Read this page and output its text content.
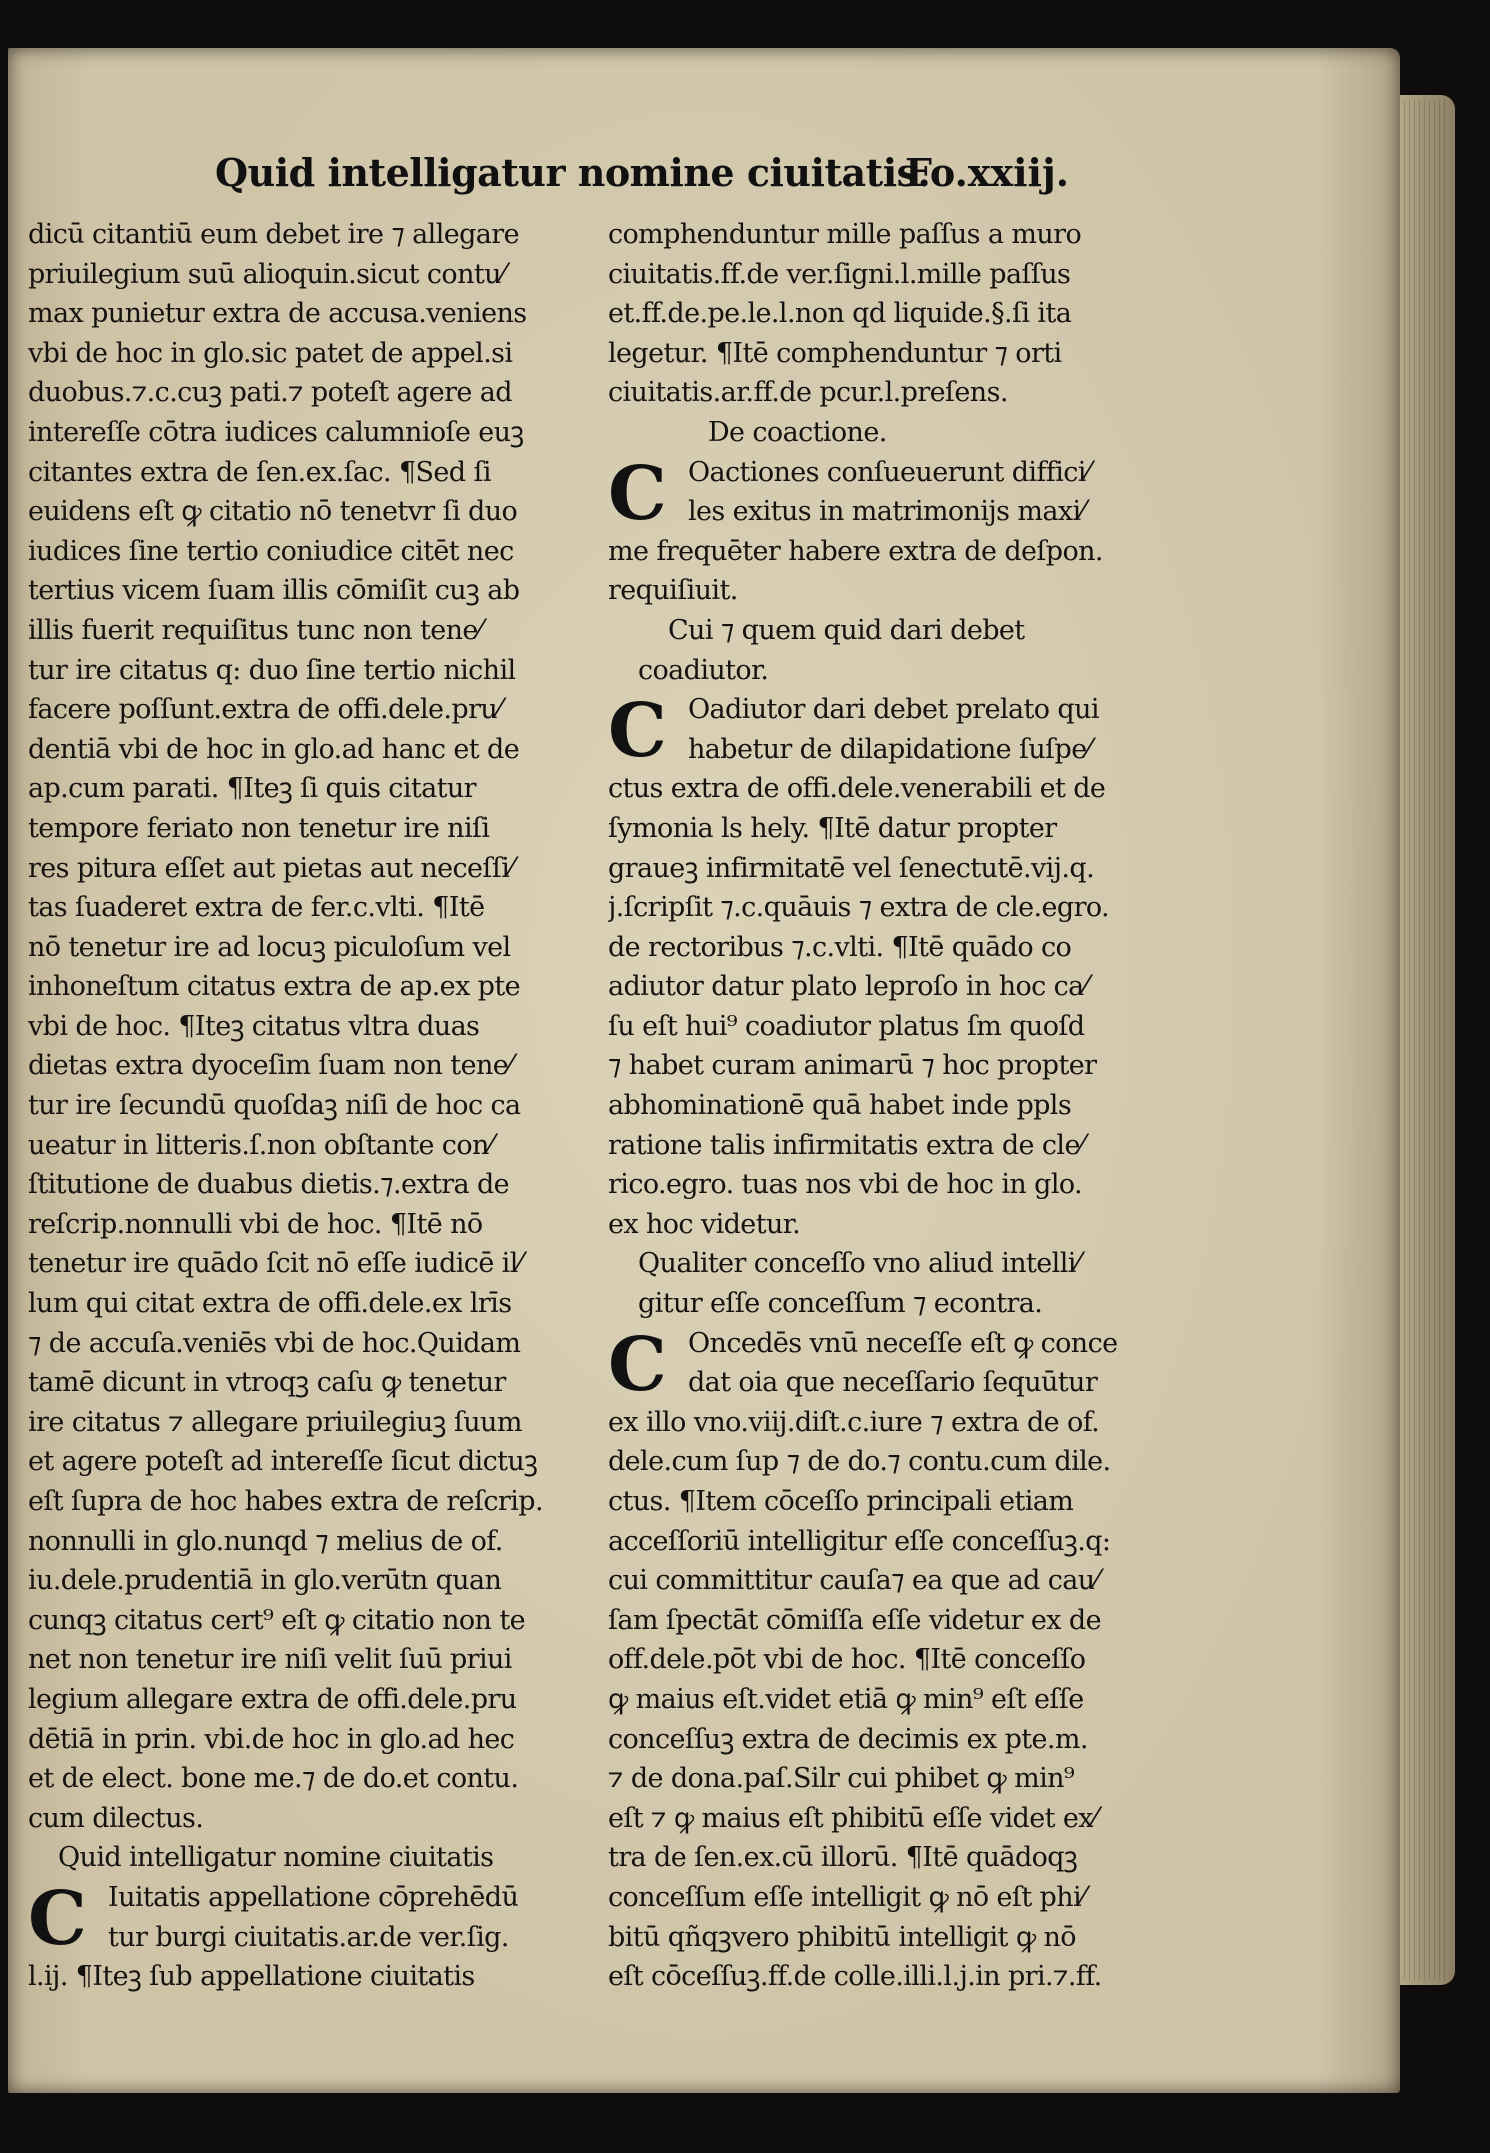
Quid intelligatur nomine ciuitatis.
Fo.xxiij.
dicū citantiū eum debet ire ⁊ allegare
priuilegium suū alioquin.sicut contu⁄
max punietur extra de accusa.veniens
vbi de hoc in glo.sic patet de appel.si
duobus.⁊.c.cuꝫ pati.⁊ poteſt agere ad
intereſſe cōtra iudices calumnioſe euꝫ
citantes extra de ſen.ex.ſac. ¶Sed ſi
euidens eſt ꝙ citatio nō tenetvr ſi duo
iudices ſine tertio coniudice citēt nec
tertius vicem ſuam illis cōmiſit cuꝫ ab
illis fuerit requiſitus tunc non tene⁄
tur ire citatus q: duo ſine tertio nichil
facere poſſunt.extra de offi.dele.pru⁄
dentiā vbi de hoc in glo.ad hanc et de
ap.cum parati. ¶Iteꝫ ſi quis citatur
tempore feriato non tenetur ire niſi
res pitura eſſet aut pietas aut neceſſi⁄
tas ſuaderet extra de fer.c.vlti. ¶Itē
nō tenetur ire ad locuꝫ piculoſum vel
inhoneſtum citatus extra de ap.ex pte
vbi de hoc. ¶Iteꝫ citatus vltra duas
dietas extra dyoceſim ſuam non tene⁄
tur ire ſecundū quoſdaꝫ niſi de hoc ca
ueatur in litteris.ſ.non obſtante con⁄
ſtitutione de duabus dietis.⁊.extra de
reſcrip.nonnulli vbi de hoc. ¶Itē nō
tenetur ire quādo ſcit nō eſſe iudicē il⁄
lum qui citat extra de offi.dele.ex lrīs
⁊ de accuſa.veniēs vbi de hoc.Quidam
tamē dicunt in vtroqꝫ caſu ꝙ tenetur
ire citatus ⁊ allegare priuilegiuꝫ ſuum
et agere poteſt ad intereſſe ſicut dictuꝫ
eſt ſupra de hoc habes extra de reſcrip.
nonnulli in glo.nunqd ⁊ melius de of.
iu.dele.prudentiā in glo.verūtn quan
cunqꝫ citatus cert⁹ eſt ꝙ citatio non te
net non tenetur ire niſi velit ſuū priui
legium allegare extra de offi.dele.pru
dētiā in prin. vbi.de hoc in glo.ad hec
et de elect. bone me.⁊ de do.et contu.
cum dilectus.
Quid intelligatur nomine ciuitatis
C Iuitatis appellatione cōprehēdū
tur burgi ciuitatis.ar.de ver.ſig.
l.ij. ¶Iteꝫ ſub appellatione ciuitatis
comphenduntur mille paſſus a muro
ciuitatis.ff.de ver.ſigni.l.mille paſſus
et.ff.de.pe.le.l.non qd liquide.§.ſi ita
legetur. ¶Itē comphenduntur ⁊ orti
ciuitatis.ar.ff.de pcur.l.preſens.
De coactione.
C Oactiones conſueuerunt diffici⁄
les exitus in matrimonijs maxi⁄
me frequēter habere extra de deſpon.
requiſiuit.
Cui ⁊ quem quid dari debet
coadiutor.
C Oadiutor dari debet prelato qui
habetur de dilapidatione ſuſpe⁄
ctus extra de offi.dele.venerabili et de
ſymonia ls hely. ¶Itē datur propter
graueꝫ infirmitatē vel ſenectutē.vij.q.
j.ſcripſit ⁊.c.quāuis ⁊ extra de cle.egro.
de rectoribus ⁊.c.vlti. ¶Itē quādo co
adiutor datur plato leproſo in hoc ca⁄
ſu eſt hui⁹ coadiutor platus ſm quoſd
⁊ habet curam animarū ⁊ hoc propter
abhominationē quā habet inde ppls
ratione talis infirmitatis extra de cle⁄
rico.egro. tuas nos vbi de hoc in glo.
ex hoc videtur.
Qualiter conceſſo vno aliud intelli⁄
gitur eſſe conceſſum ⁊ econtra.
C Oncedēs vnū neceſſe eſt ꝙ conce
dat oia que neceſſario ſequūtur
ex illo vno.viij.diſt.c.iure ⁊ extra de of.
dele.cum ſup ⁊ de do.⁊ contu.cum dile.
ctus. ¶Item cōceſſo principali etiam
acceſſoriū intelligitur eſſe conceſſuꝫ.q:
cui committitur cauſa⁊ ea que ad cau⁄
ſam ſpectāt cōmiſſa eſſe videtur ex de
off.dele.pōt vbi de hoc. ¶Itē conceſſo
ꝙ maius eſt.videt etiā ꝙ min⁹ eſt eſſe
conceſſuꝫ extra de decimis ex pte.m.
⁊ de dona.paſ.Silr cui phibet ꝙ min⁹
eſt ⁊ ꝙ maius eſt phibitū eſſe videt ex⁄
tra de ſen.ex.cū illorū. ¶Itē quādoqꝫ
conceſſum eſſe intelligit ꝙ nō eſt phi⁄
bitū qñqꝫvero phibitū intelligit ꝙ nō
eſt cōceſſuꝫ.ff.de colle.illi.l.j.in pri.⁊.ff.
